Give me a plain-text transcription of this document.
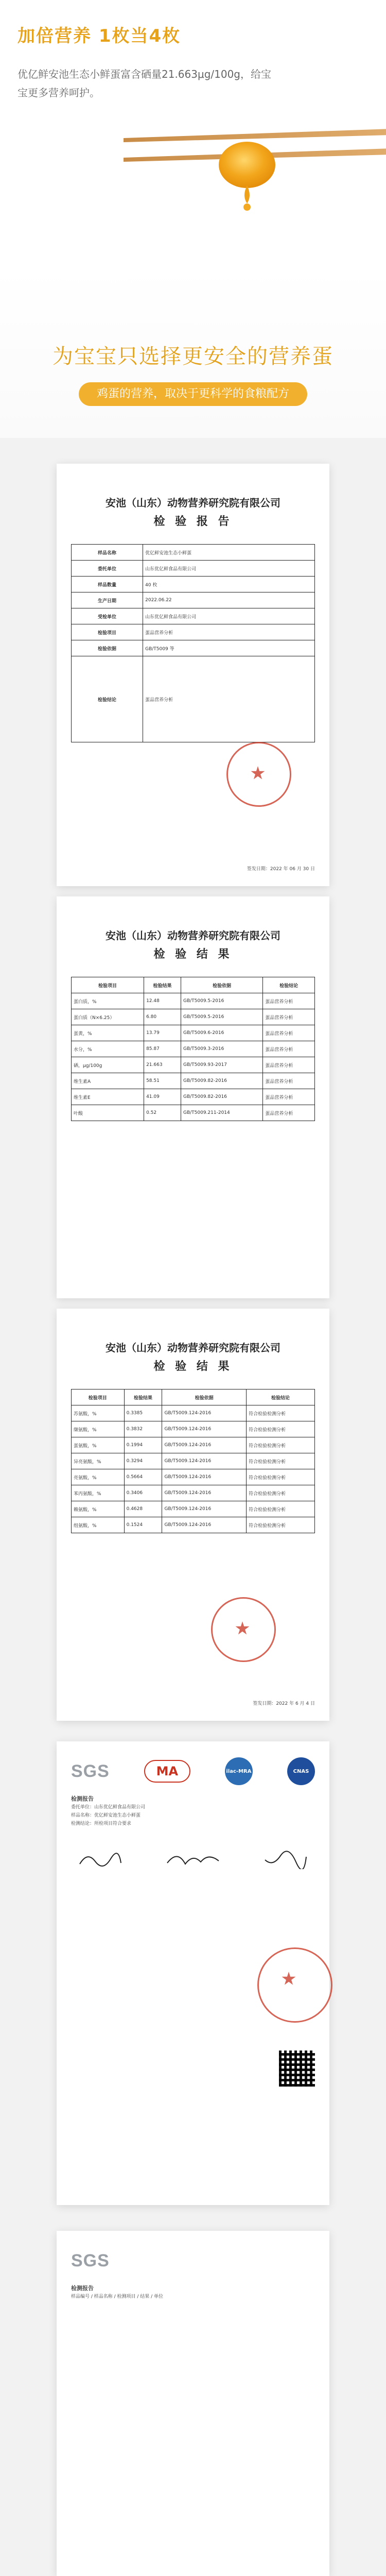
加倍营养 1枚当4枚
优亿鲜安池生态小鲜蛋富含硒量21.663μg/100g，给宝宝更多营养呵护。
为宝宝只选择更安全的营养蛋
鸡蛋的营养，取决于更科学的食粮配方
安池（山东）动物营养研究院有限公司
检 验 报 告
样品名称	优亿鲜安池生态小鲜蛋
委托单位	山东优亿鲜食品有限公司
样品数量	40 枚
生产日期	2022.06.22
受检单位	山东优亿鲜食品有限公司
检验项目	蛋品营养分析
检验依据	GB/T5009 等
检验结论	蛋品营养分析
签发日期：2022 年 06 月 30 日
安池（山东）动物营养研究院有限公司
检 验 结 果
检验项目	检验结果	检验依据	检验结论
蛋白质，%	12.48	GB/T5009.5-2016	蛋品营养分析
蛋白质（N×6.25）	6.80	GB/T5009.5-2016	蛋品营养分析
蛋黄，%	13.79	GB/T5009.6-2016	蛋品营养分析
水分，%	85.87	GB/T5009.3-2016	蛋品营养分析
硒，μg/100g	21.663	GB/T5009.93-2017	蛋品营养分析
维生素A	58.51	GB/T5009.82-2016	蛋品营养分析
维生素E	41.09	GB/T5009.82-2016	蛋品营养分析
叶酸	0.52	GB/T5009.211-2014	蛋品营养分析
安池（山东）动物营养研究院有限公司
检 验 结 果
检验项目	检验结果	检验依据	检验结论
苏氨酸，%	0.3385	GB/T5009.124-2016	符合检验检测分析
缬氨酸，%	0.3832	GB/T5009.124-2016	符合检验检测分析
蛋氨酸，%	0.1994	GB/T5009.124-2016	符合检验检测分析
异亮氨酸，%	0.3294	GB/T5009.124-2016	符合检验检测分析
亮氨酸，%	0.5664	GB/T5009.124-2016	符合检验检测分析
苯丙氨酸，%	0.3406	GB/T5009.124-2016	符合检验检测分析
赖氨酸，%	0.4628	GB/T5009.124-2016	符合检验检测分析
组氨酸，%	0.1524	GB/T5009.124-2016	符合检验检测分析
签发日期：2022 年 6 月 4 日
SGS	MA	ilac-MRA	CNAS
检测报告
委托单位：山东优亿鲜食品有限公司
样品名称：优亿鲜安池生态小鲜蛋
检测结论：所检项目符合要求
SGS
检测报告
样品编号 / 样品名称 / 检测项目 / 结果 / 单位
